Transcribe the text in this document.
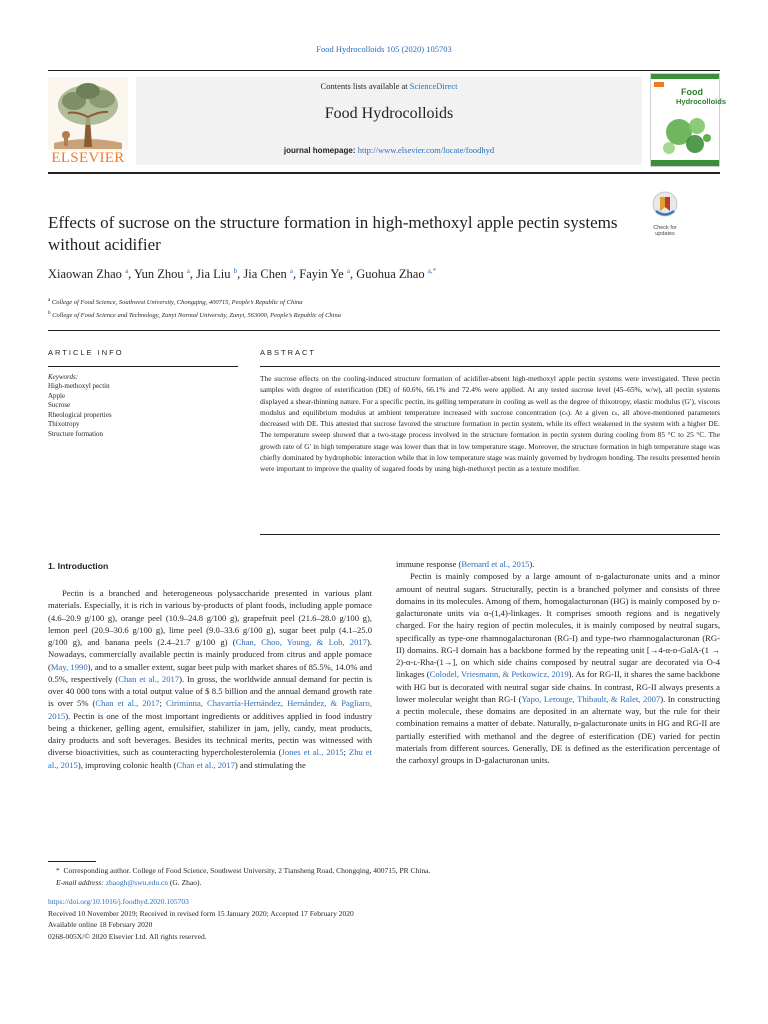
Food Hydrocolloids 105 (2020) 105703
ELSEVIER
Contents lists available at ScienceDirect
Food Hydrocolloids
journal homepage: http://www.elsevier.com/locate/foodhyd
Food
Hydrocolloids
Effects of sucrose on the structure formation in high-methoxyl apple pectin systems without acidifier
Check for
updates
Xiaowan Zhao $^a$, Yun Zhou $^a$, Jia Liu $^b$, Jia Chen $^a$, Fayin Ye $^a$, Guohua Zhao $^{a,*}$
$^a$ College of Food Science, Southwest University, Chongqing, 400715, People’s Republic of China
$^b$ College of Food Science and Technology, Zunyi Normal University, Zunyi, 563000, People’s Republic of China
ARTICLE INFO
Keywords:
High-methoxyl pectin
Apple
Sucrose
Rheological properties
Thixotropy
Structure formation
ABSTRACT

The sucrose effects on the cooling-induced structure formation of acidifier-absent high-methoxyl apple pectin systems were investigated. Three pectin samples with degree of esterification (DE) of 60.6%, 66.1% and 72.4% were applied. At any tested sucrose level (45–65%, w/w), all pectin systems displayed a shear-thinning nature. For a specific pectin, its gelling temperature in cooling as well as the degree of thixotropy, elastic modulus (G′), viscous modulus and equilibrium modulus at ambient temperature increased with sucrose concentration (cₛ). At a given cₛ, all above-mentioned parameters decreased with DE. This attested that sucrose favored the structure formation in pectin system, while its effect weakened in the system with a higher DE. The temperature sweep showed that a two-stage process involved in the structure formation in pectin system during cooling from 85 °C to 25 °C. The growth rate of G′ in high temperature stage was lower than that in low temperature stage. Moreover, the structure formation in high temperature stage was chiefly dominated by hydrophobic interaction while that in low temperature stage was mainly governed by hydrogen bonding. The results presented herein were important to improve the quality of sugared foods by using high-methoxyl pectin as a texture modifier.

1. Introduction

Pectin is a branched and heterogeneous polysaccharide presented in various plant materials. Especially, it is rich in various by-products of plant foods, including apple pomace (4.6–20.9 g/100 g), orange peel (10.9–24.8 g/100 g), grapefruit peel (21.6–28.0 g/100 g), lemon peel (20.9–30.6 g/100 g), lime peel (9.0–33.6 g/100 g), sugar beet pulp (4.1–25.0 g/100 g), and banana peels (2.4–21.7 g/100 g) (Chan, Choo, Young, & Loh, 2017). Nowadays, commercially available pectin is mainly produced from citrus and apple pomace (May, 1990), and to a smaller extent, sugar beet pulp with market shares of 85.5%, 14.0% and 0.5%, respectively (Chan et al., 2017). In gross, the worldwide annual demand for pectin is over 40 000 tons with a total output value of $ 8.5 billion and the annual demand growth rate is over 5% (Chan et al., 2017; Ciriminna, Chavarría-Hernández, Hernández, & Pagliaro, 2015). Pectin is one of the most important ingredients or additives applied in food industry being a thickener, gelling agent, emulsifier, stabilizer in jam, jelly, candy, meat products, dairy products and soft beverages. Besides its technical merits, pectin was witnessed with diverse bioactivities, such as counteracting hypercholesterolemia (Jones et al., 2015; Zhu et al., 2015), improving colonic health (Chan et al., 2017) and stimulating the

immune response (Bernard et al., 2015).

Pectin is mainly composed by a large amount of ᴅ-galacturonate units and a minor amount of neutral sugars. Structurally, pectin is a branched polymer and consists of three domains in its molecules. Among of them, homogalacturonan (HG) is mainly composed by ᴅ-galacturonate units via α-(1,4)-linkages. It comprises smooth regions and is negatively charged. For the hairy region of pectin molecules, it is mainly composed by neutral sugars, specifically as type-one rhamnogalacturonan (RG-I) and type-two rhamnogalacturonan (RG-II) domains. RG-I domain has a backbone formed by the repeating unit [→4-α-ᴅ-GalA-(1 → 2)-α-ʟ-Rha-(1→], on which side chains composed by neutral sugar are decorated via O-4 linkages (Colodel, Vriesmann, & Petkowicz, 2019). As for RG-II, it shares the same backbone with HG but is decorated with neutral sugar side chains. In contrast, RG-II always presents a lower molecular weight than RG-I (Yapo, Lerouge, Thibault, & Ralet, 2007). In constructing a pectin molecule, these domains are deposited in an alternate way, but the rule for their combination remains a matter of debate. Naturally, ᴅ-galacturonate units in HG and RG-II are partially esterified with methanol and the degree of esterification (DE) varied for pectin materials from different sources. Generally, DE is defined as the esterification percentage of the carboxyl groups in D-galacturonan units.

* Corresponding author. College of Food Science, Southwest University, 2 Tiansheng Road, Chongqing, 400715, PR China.
E-mail address: zhaogh@swu.edu.cn (G. Zhao).
https://doi.org/10.1016/j.foodhyd.2020.105703
Received 10 November 2019; Received in revised form 15 January 2020; Accepted 17 February 2020
Available online 18 February 2020
0268-005X/© 2020 Elsevier Ltd. All rights reserved.
